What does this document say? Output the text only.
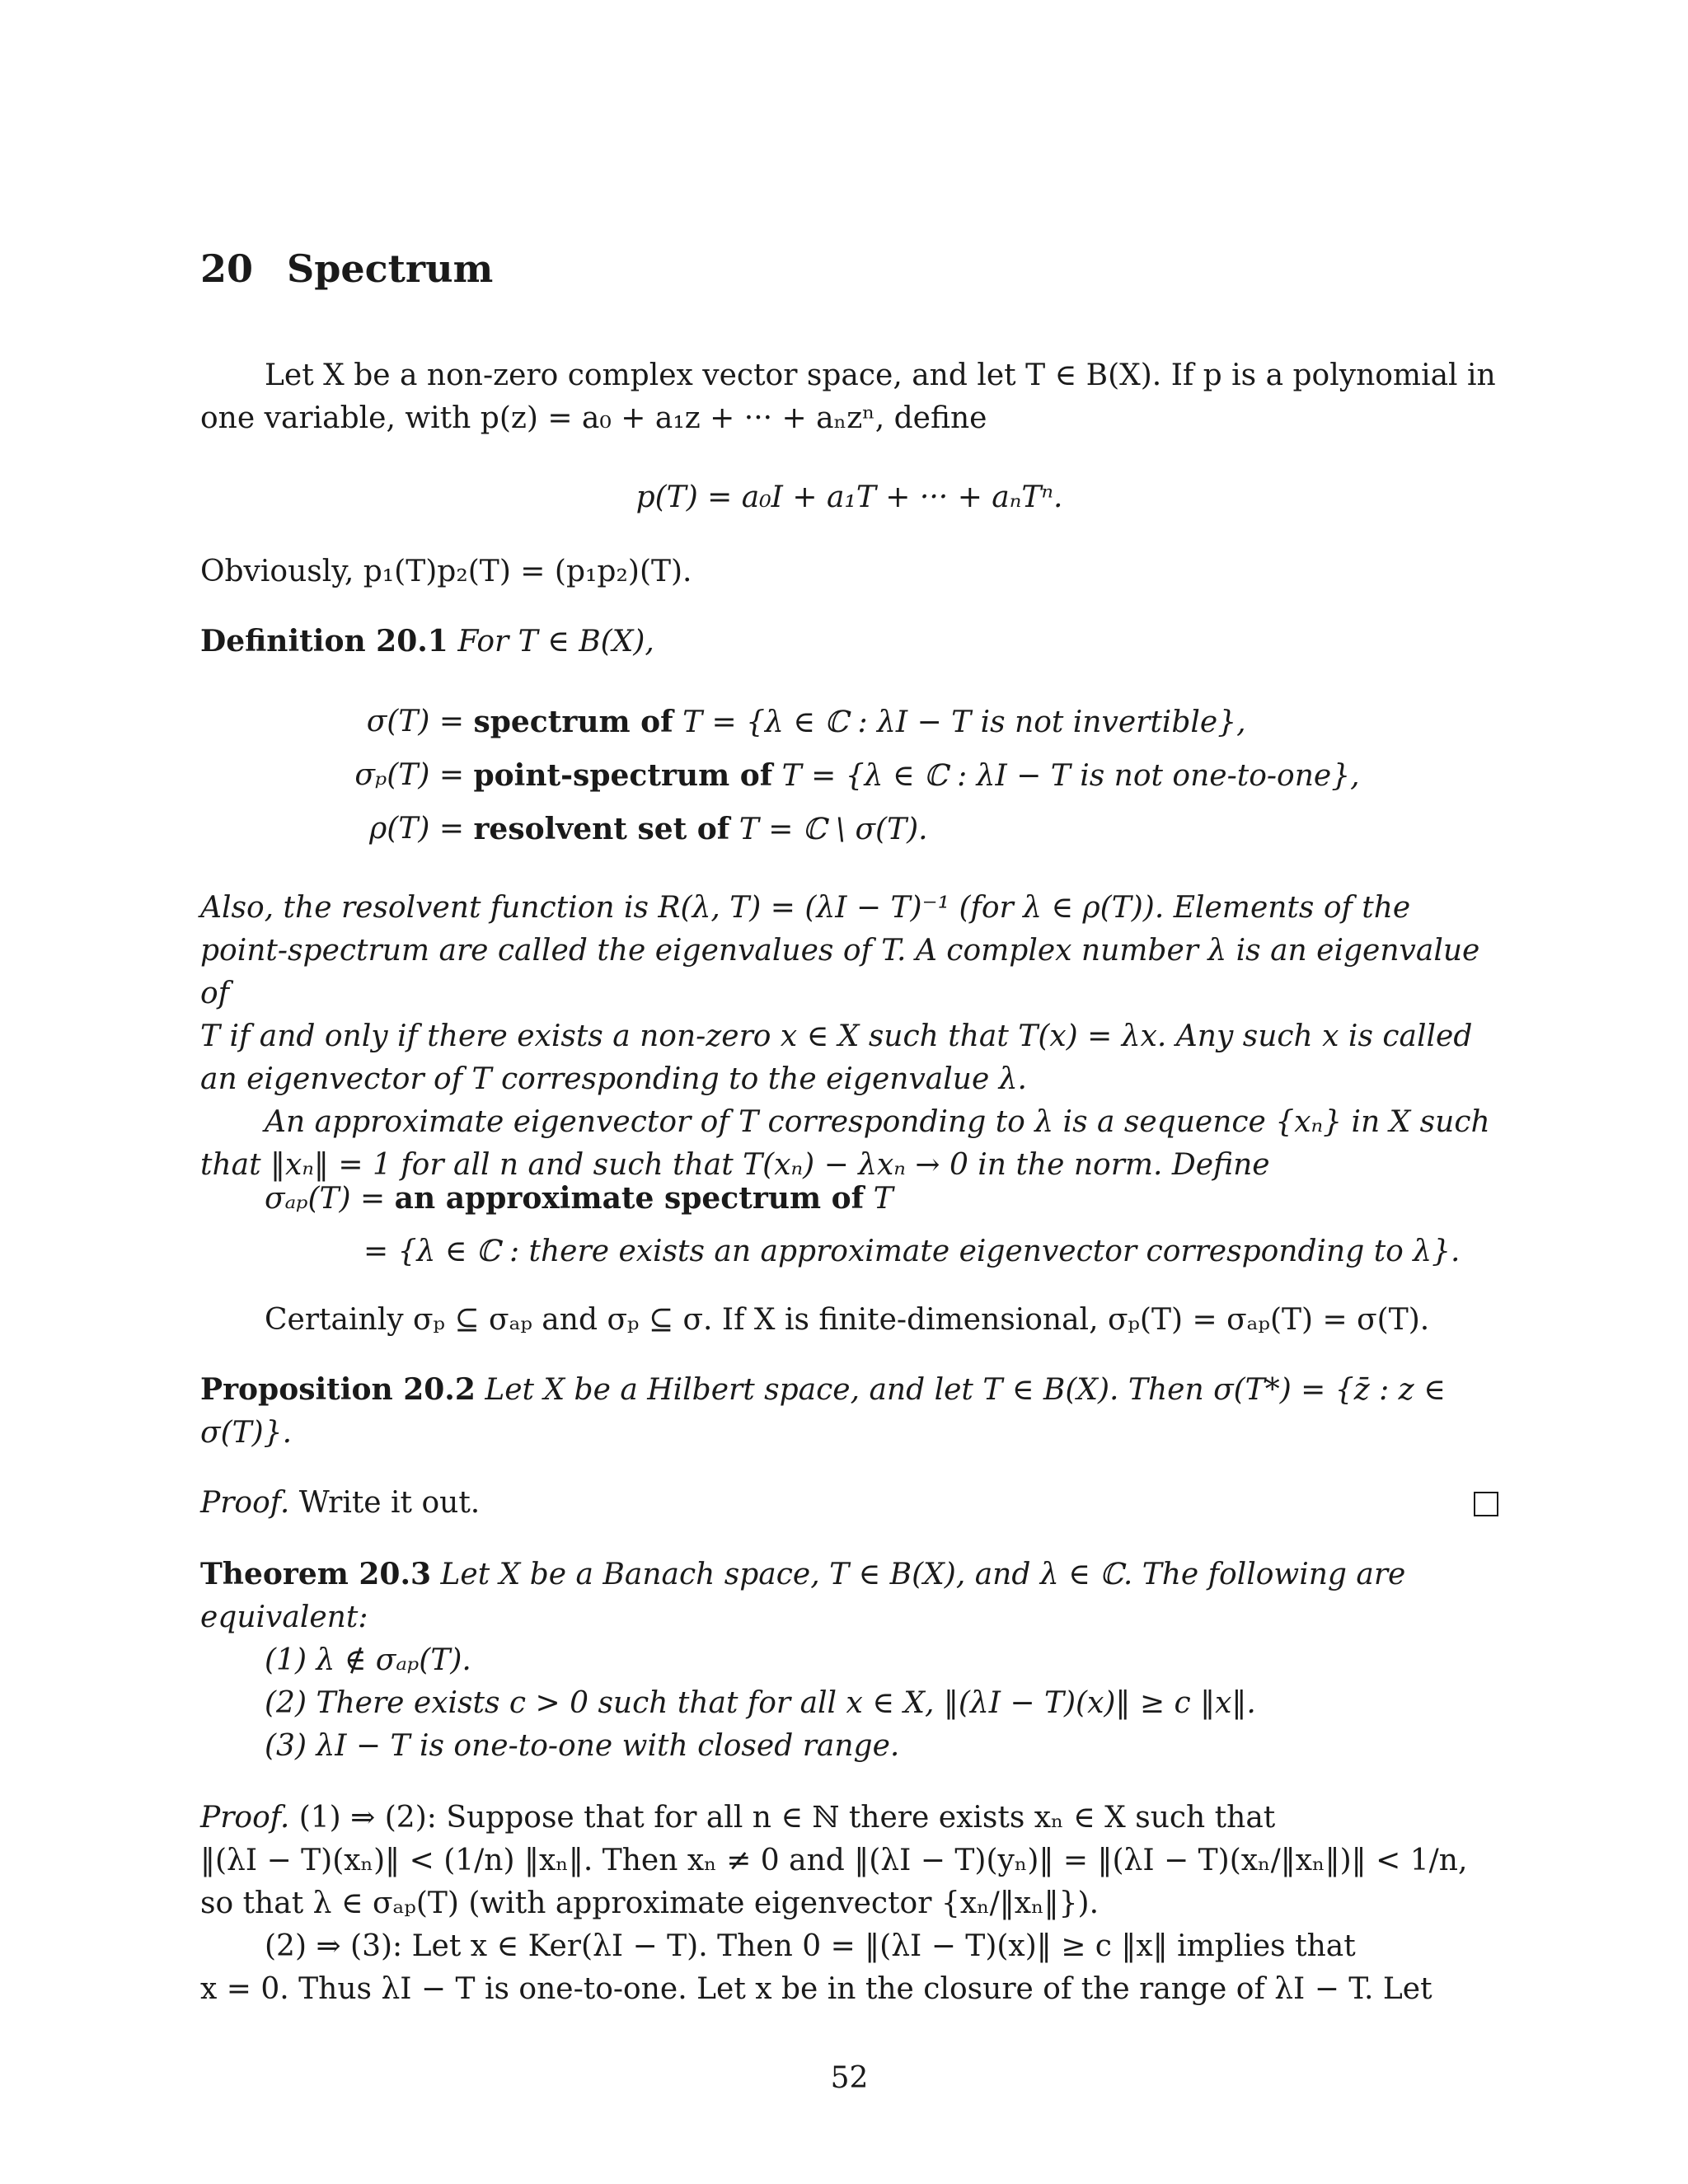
20 Spectrum
Let X be a non-zero complex vector space, and let T ∈ B(X). If p is a polynomial in
one variable, with p(z) = a₀ + a₁z + ··· + aₙzⁿ, define
p(T) = a₀I + a₁T + ··· + aₙTⁿ.
Obviously, p₁(T)p₂(T) = (p₁p₂)(T).
Definition 20.1 For T ∈ B(X),
σ(T) = spectrum of T = {λ ∈ ℂ : λI − T is not invertible},
σₚ(T) = point-spectrum of T = {λ ∈ ℂ : λI − T is not one-to-one},
ρ(T) = resolvent set of T = ℂ \ σ(T).
Also, the resolvent function is R(λ, T) = (λI − T)⁻¹ (for λ ∈ ρ(T)). Elements of the
point-spectrum are called the eigenvalues of T. A complex number λ is an eigenvalue of
T if and only if there exists a non-zero x ∈ X such that T(x) = λx. Any such x is called
an eigenvector of T corresponding to the eigenvalue λ.
An approximate eigenvector of T corresponding to λ is a sequence {xₙ} in X such
that ‖xₙ‖ = 1 for all n and such that T(xₙ) − λxₙ → 0 in the norm. Define
σₐₚ(T) = an approximate spectrum of T
= {λ ∈ ℂ : there exists an approximate eigenvector corresponding to λ}.
Certainly σₚ ⊆ σₐₚ and σₚ ⊆ σ. If X is finite-dimensional, σₚ(T) = σₐₚ(T) = σ(T).
Proposition 20.2 Let X be a Hilbert space, and let T ∈ B(X). Then σ(T*) = {z̄ : z ∈
σ(T)}.
Proof. Write it out.
Theorem 20.3 Let X be a Banach space, T ∈ B(X), and λ ∈ ℂ. The following are
equivalent:
(1) λ ∉ σₐₚ(T).
(2) There exists c > 0 such that for all x ∈ X, ‖(λI − T)(x)‖ ≥ c ‖x‖.
(3) λI − T is one-to-one with closed range.
Proof. (1) ⇒ (2): Suppose that for all n ∈ ℕ there exists xₙ ∈ X such that
‖(λI − T)(xₙ)‖ < (1/n) ‖xₙ‖. Then xₙ ≠ 0 and ‖(λI − T)(yₙ)‖ = ‖(λI − T)(xₙ/‖xₙ‖)‖ < 1/n,
so that λ ∈ σₐₚ(T) (with approximate eigenvector {xₙ/‖xₙ‖}).
(2) ⇒ (3): Let x ∈ Ker(λI − T). Then 0 = ‖(λI − T)(x)‖ ≥ c ‖x‖ implies that
x = 0. Thus λI − T is one-to-one. Let x be in the closure of the range of λI − T. Let
52
